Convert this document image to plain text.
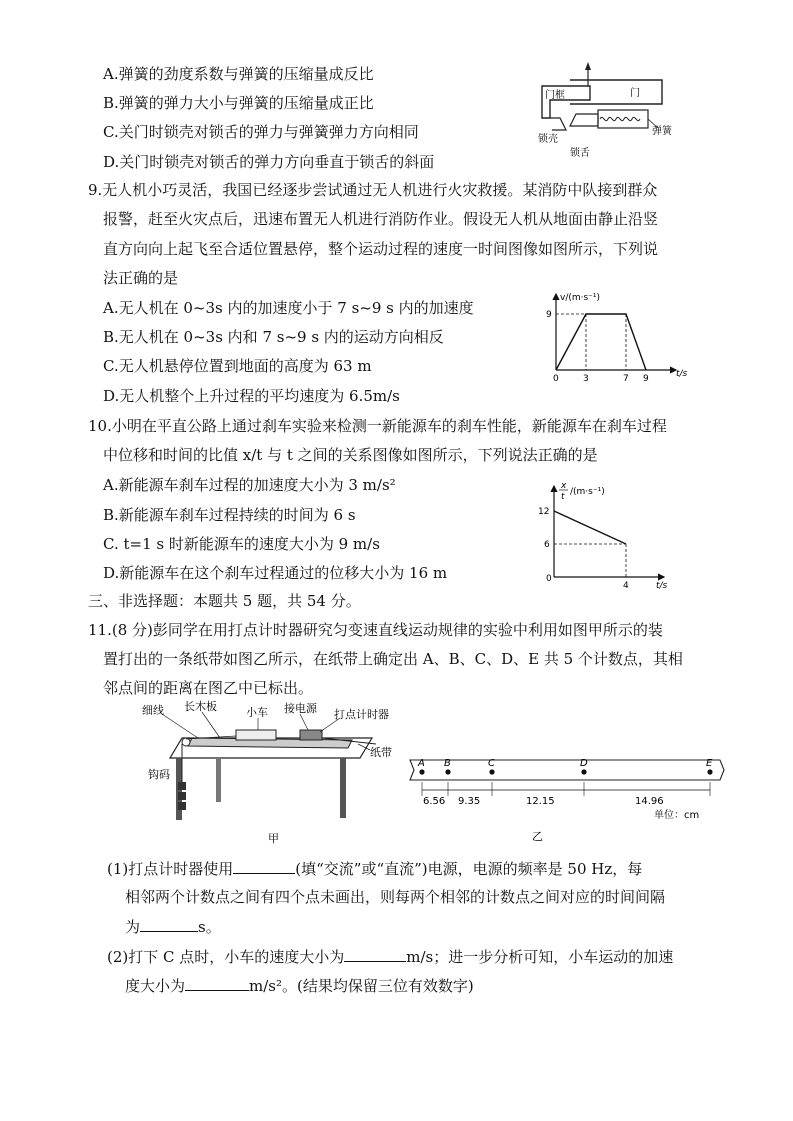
A.弹簧的劲度系数与弹簧的压缩量成反比
B.弹簧的弹力大小与弹簧的压缩量成正比
C.关门时锁壳对锁舌的弹力与弹簧弹力方向相同
D.关门时锁壳对锁舌的弹力方向垂直于锁舌的斜面
门框	门
锁壳
锁舌
弹簧
9.无人机小巧灵活，我国已经逐步尝试通过无人机进行火灾救援。某消防中队接到群众
报警，赶至火灾点后，迅速布置无人机进行消防作业。假设无人机从地面由静止沿竖
直方向向上起飞至合适位置悬停，整个运动过程的速度一时间图像如图所示，下列说
法正确的是
A.无人机在 0~3s 内的加速度小于 7 s~9 s 内的加速度
B.无人机在 0~3s 内和 7 s~9 s 内的运动方向相反
C.无人机悬停位置到地面的高度为 63 m
D.无人机整个上升过程的平均速度为 6.5m/s
v/(m·s⁻¹)
t/s
0	3	7 9
9
10.小明在平直公路上通过刹车实验来检测一新能源车的刹车性能，新能源车在刹车过程
中位移和时间的比值 x/t 与 t 之间的关系图像如图所示，下列说法正确的是
A.新能源车刹车过程的加速度大小为 3 m/s²
B.新能源车刹车过程持续的时间为 6 s
C. t=1 s 时新能源车的速度大小为 9 m/s
D.新能源车在这个刹车过程通过的位移大小为 16 m
x
t /(m·s⁻¹)
t/s
0
4
12
6
三、非选择题：本题共 5 题，共 54 分。
11.(8 分)彭同学在用打点计时器研究匀变速直线运动规律的实验中利用如图甲所示的装
置打出的一条纸带如图乙所示，在纸带上确定出 A、B、C、D、E 共 5 个计数点，其相
邻点间的距离在图乙中已标出。
细线 长木板	小车 接电源 打点计时器
纸带
钩码
甲
A B	C	D	E
6.56 9.35	12.15	14.96
单位：cm
乙
(1)打点计时器使用	(填“交流”或“直流”)电源，电源的频率是 50 Hz，每
相邻两个计数点之间有四个点未画出，则每两个相邻的计数点之间对应的时间间隔
为	s。
(2)打下 C 点时，小车的速度大小为	m/s；进一步分析可知，小车运动的加速
度大小为	m/s²。(结果均保留三位有效数字)
